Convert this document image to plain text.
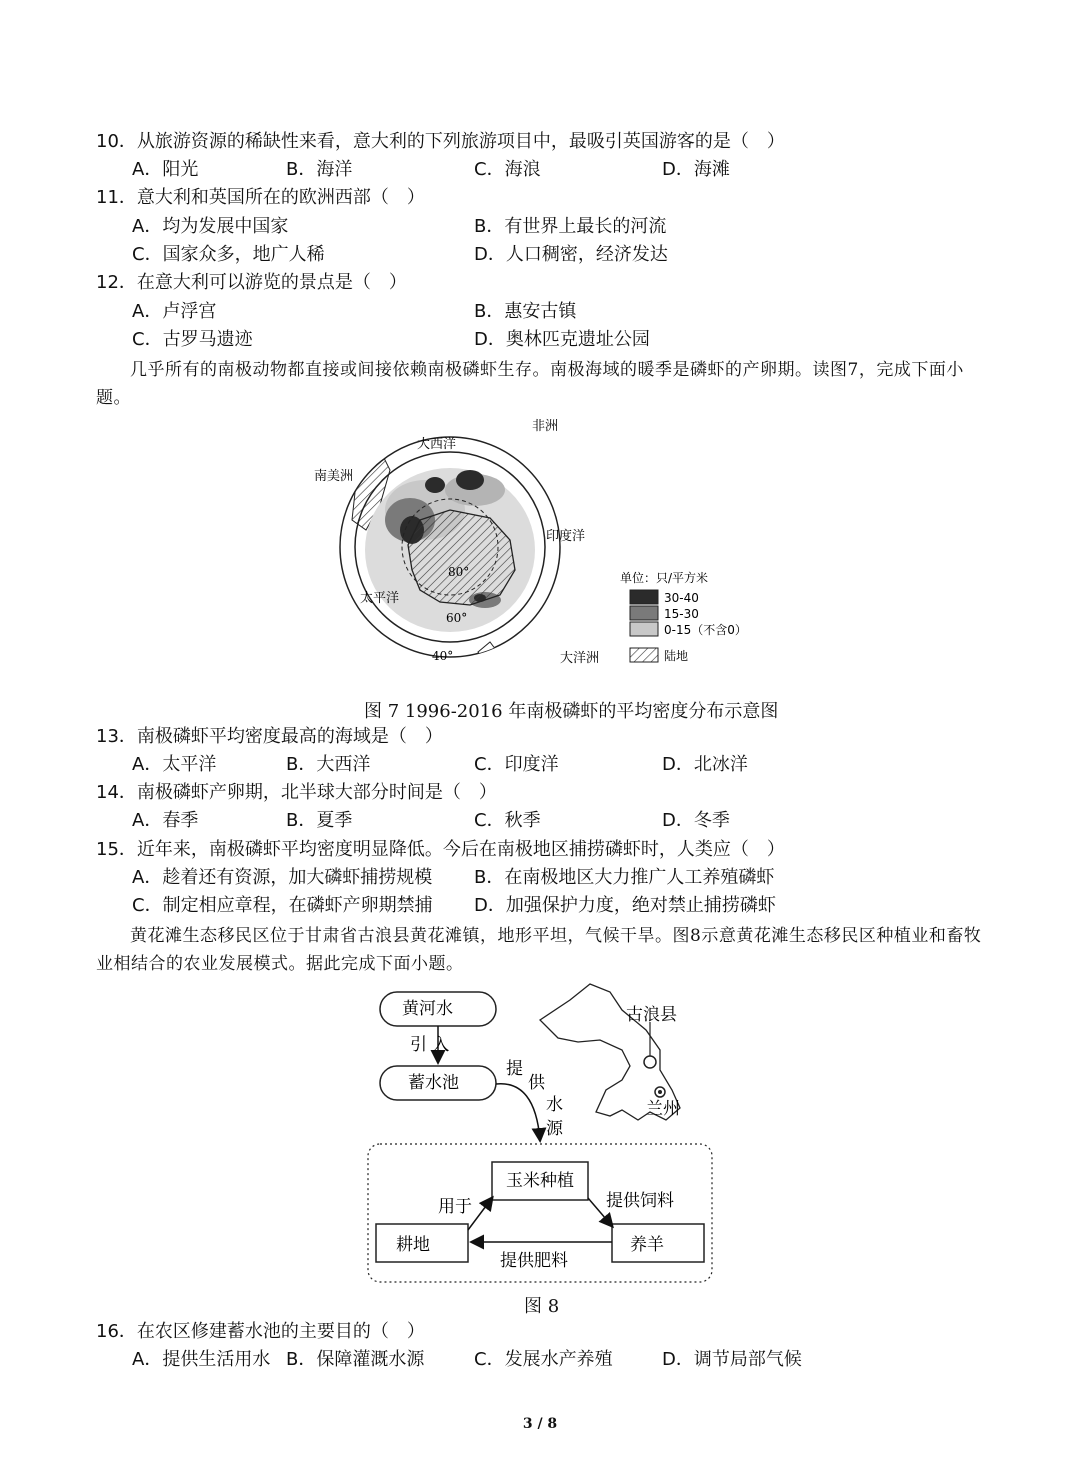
10．从旅游资源的稀缺性来看，意大利的下列旅游项目中，最吸引英国游客的是（　）
A．阳光	B．海洋	C．海浪	D．海滩
11．意大利和英国所在的欧洲西部（　）
A．均为发展中国家	B．有世界上最长的河流
C．国家众多，地广人稀	D．人口稠密，经济发达
12．在意大利可以游览的景点是（　）
A．卢浮宫	B．惠安古镇
C．古罗马遗迹	D．奥林匹克遗址公园
几乎所有的南极动物都直接或间接依赖南极磷虾生存。南极海域的暖季是磷虾的产卵期。读图7，完成下面小题。
非洲
大西洋
南美洲
印度洋
太平洋
大洋洲
80°
60°
40°
单位：只/平方米
30-40
15-30
0-15（不含0）
陆地
图 7 1996-2016 年南极磷虾的平均密度分布示意图
13．南极磷虾平均密度最高的海域是（　）
A．太平洋	B．大西洋	C．印度洋	D．北冰洋
14．南极磷虾产卵期，北半球大部分时间是（　）
A．春季	B．夏季	C．秋季	D．冬季
15．近年来，南极磷虾平均密度明显降低。今后在南极地区捕捞磷虾时，人类应（　）
A．趁着还有资源，加大磷虾捕捞规模 B．在南极地区大力推广人工养殖磷虾
C．制定相应章程，在磷虾产卵期禁捕 D．加强保护力度，绝对禁止捕捞磷虾
黄花滩生态移民区位于甘肃省古浪县黄花滩镇，地形平坦，气候干旱。图8示意黄花滩生态移民区种植业和畜牧业相结合的农业发展模式。据此完成下面小题。
黄河水
引 入
蓄水池
提
供
水
源
古浪县
兰州
玉米种植
耕地	养羊
用于	提供饲料
提供肥料
图 8
16．在农区修建蓄水池的主要目的（　）
A．提供生活用水 B．保障灌溉水源	C．发展水产养殖	D．调节局部气候
3 / 8
